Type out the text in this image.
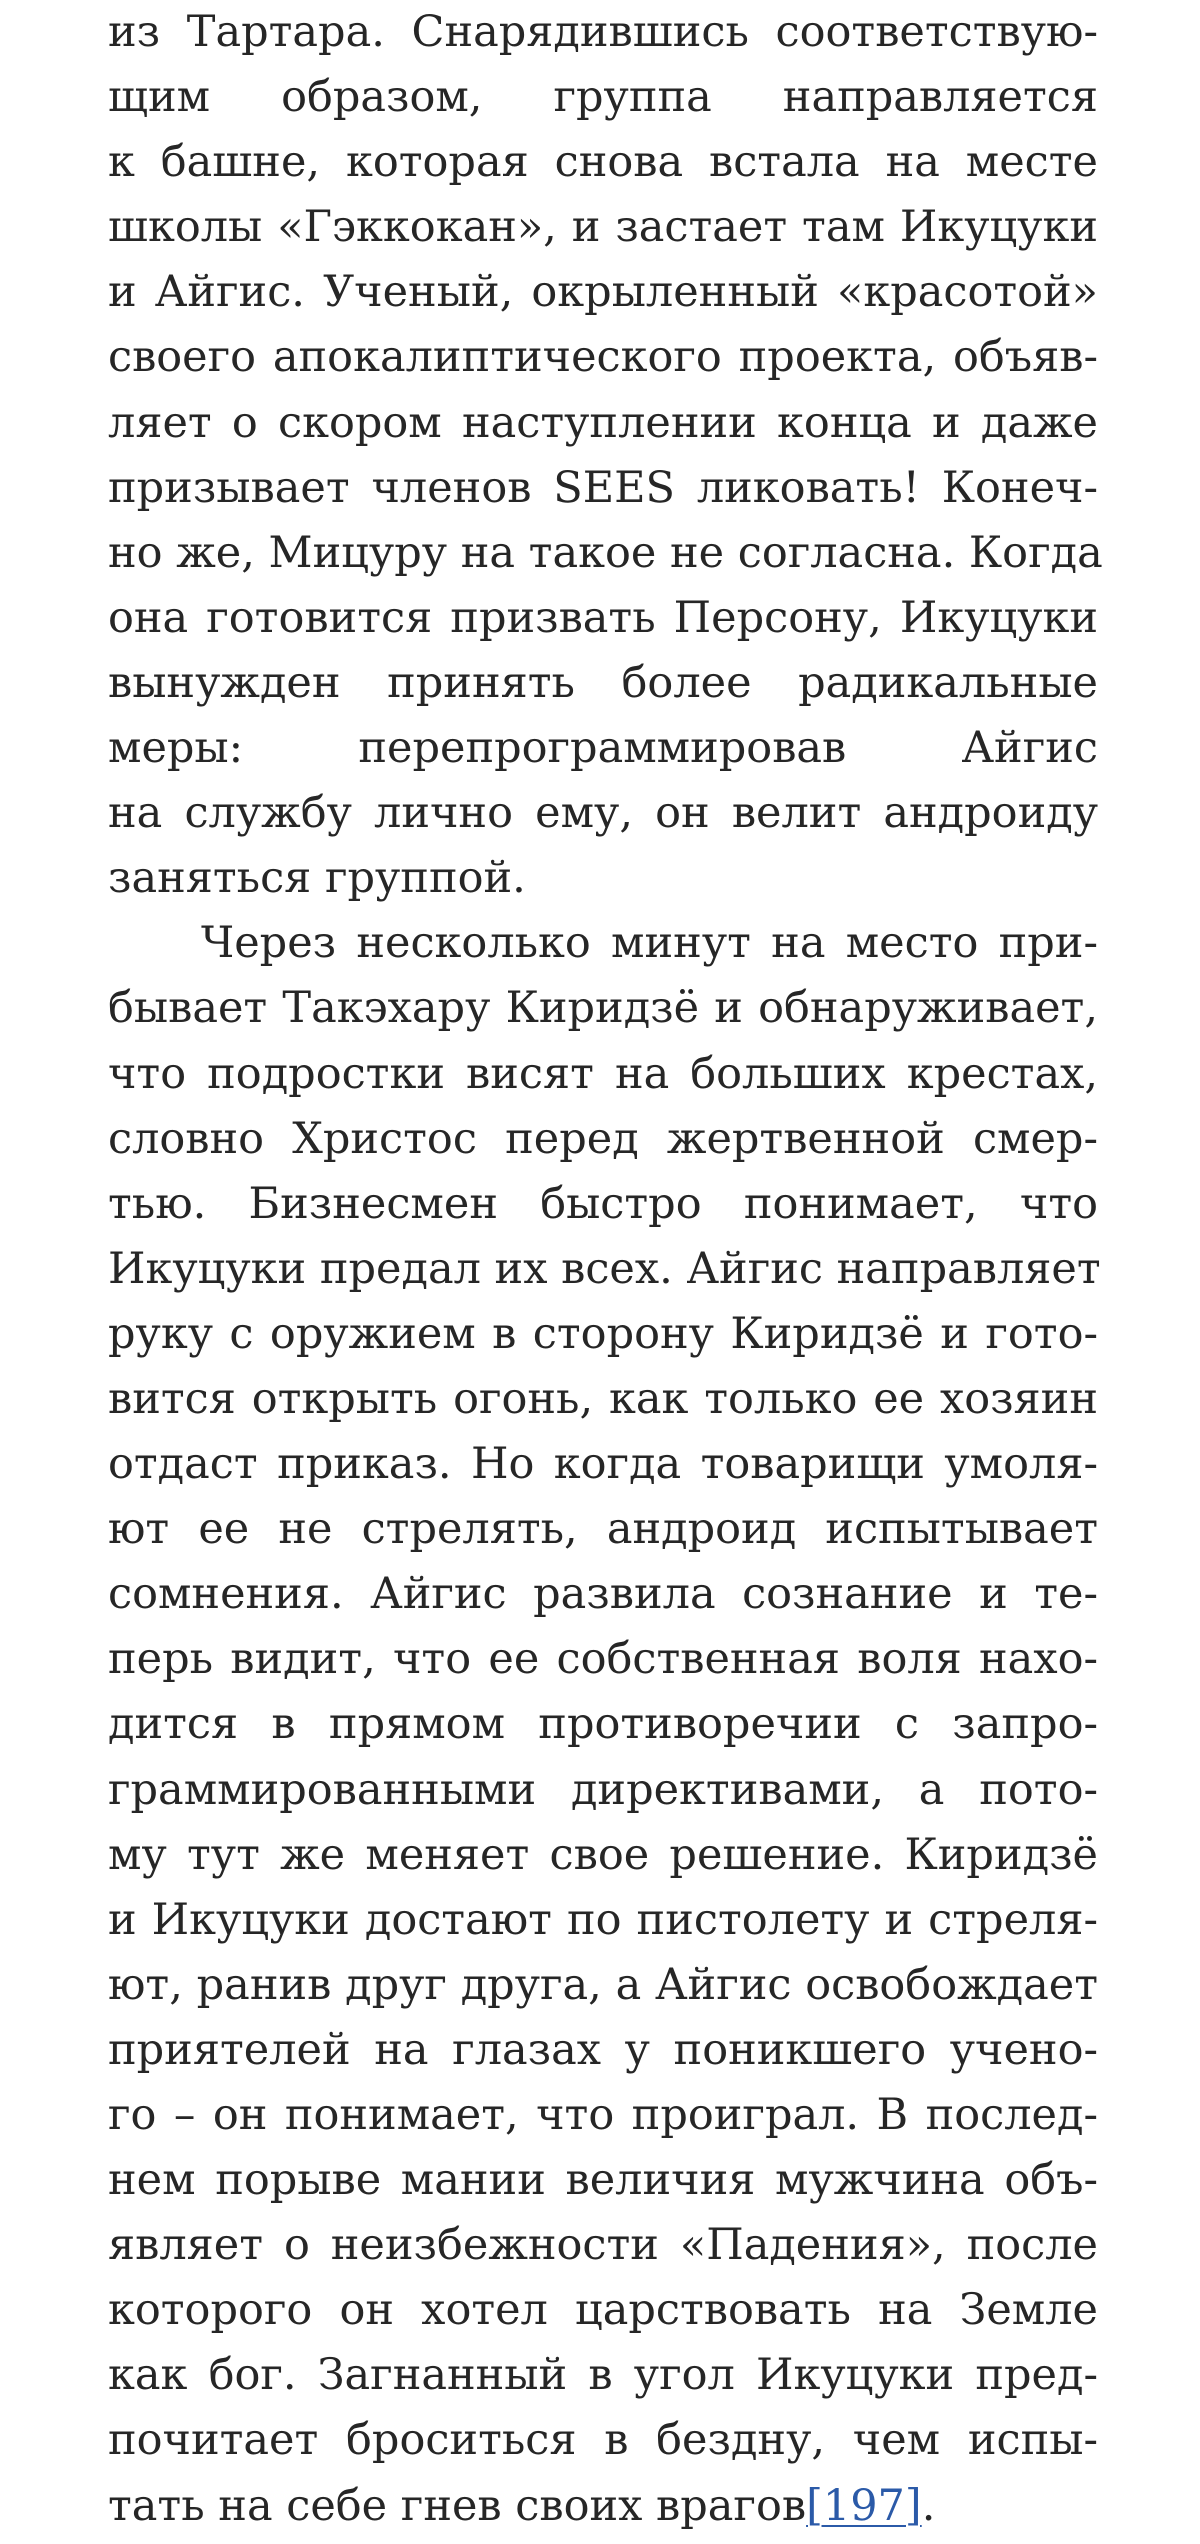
из Тартара. Снарядившись соответствую-
щим образом, группа направляется
к башне, которая снова встала на месте
школы «Гэккокан», и застает там Икуцуки
и Айгис. Ученый, окрыленный «красотой»
своего апокалиптического проекта, объяв-
ляет о скором наступлении конца и даже
призывает членов SEES ликовать! Конеч-
но же, Мицуру на такое не согласна. Когда
она готовится призвать Персону, Икуцуки
вынужден принять более радикальные
меры: перепрограммировав Айгис
на службу лично ему, он велит андроиду
заняться группой.
Через несколько минут на место при-
бывает Такэхару Киридзё и обнаруживает,
что подростки висят на больших крестах,
словно Христос перед жертвенной смер-
тью. Бизнесмен быстро понимает, что
Икуцуки предал их всех. Айгис направляет
руку с оружием в сторону Киридзё и гото-
вится открыть огонь, как только ее хозяин
отдаст приказ. Но когда товарищи умоля-
ют ее не стрелять, андроид испытывает
сомнения. Айгис развила сознание и те-
перь видит, что ее собственная воля нахо-
дится в прямом противоречии с запро-
граммированными директивами, а пото-
му тут же меняет свое решение. Киридзё
и Икуцуки достают по пистолету и стреля-
ют, ранив друг друга, а Айгис освобождает
приятелей на глазах у поникшего учено-
го – он понимает, что проиграл. В послед-
нем порыве мании величия мужчина объ-
являет о неизбежности «Падения», после
которого он хотел царствовать на Земле
как бог. Загнанный в угол Икуцуки пред-
почитает броситься в бездну, чем испы-
тать на себе гнев своих врагов[197].
